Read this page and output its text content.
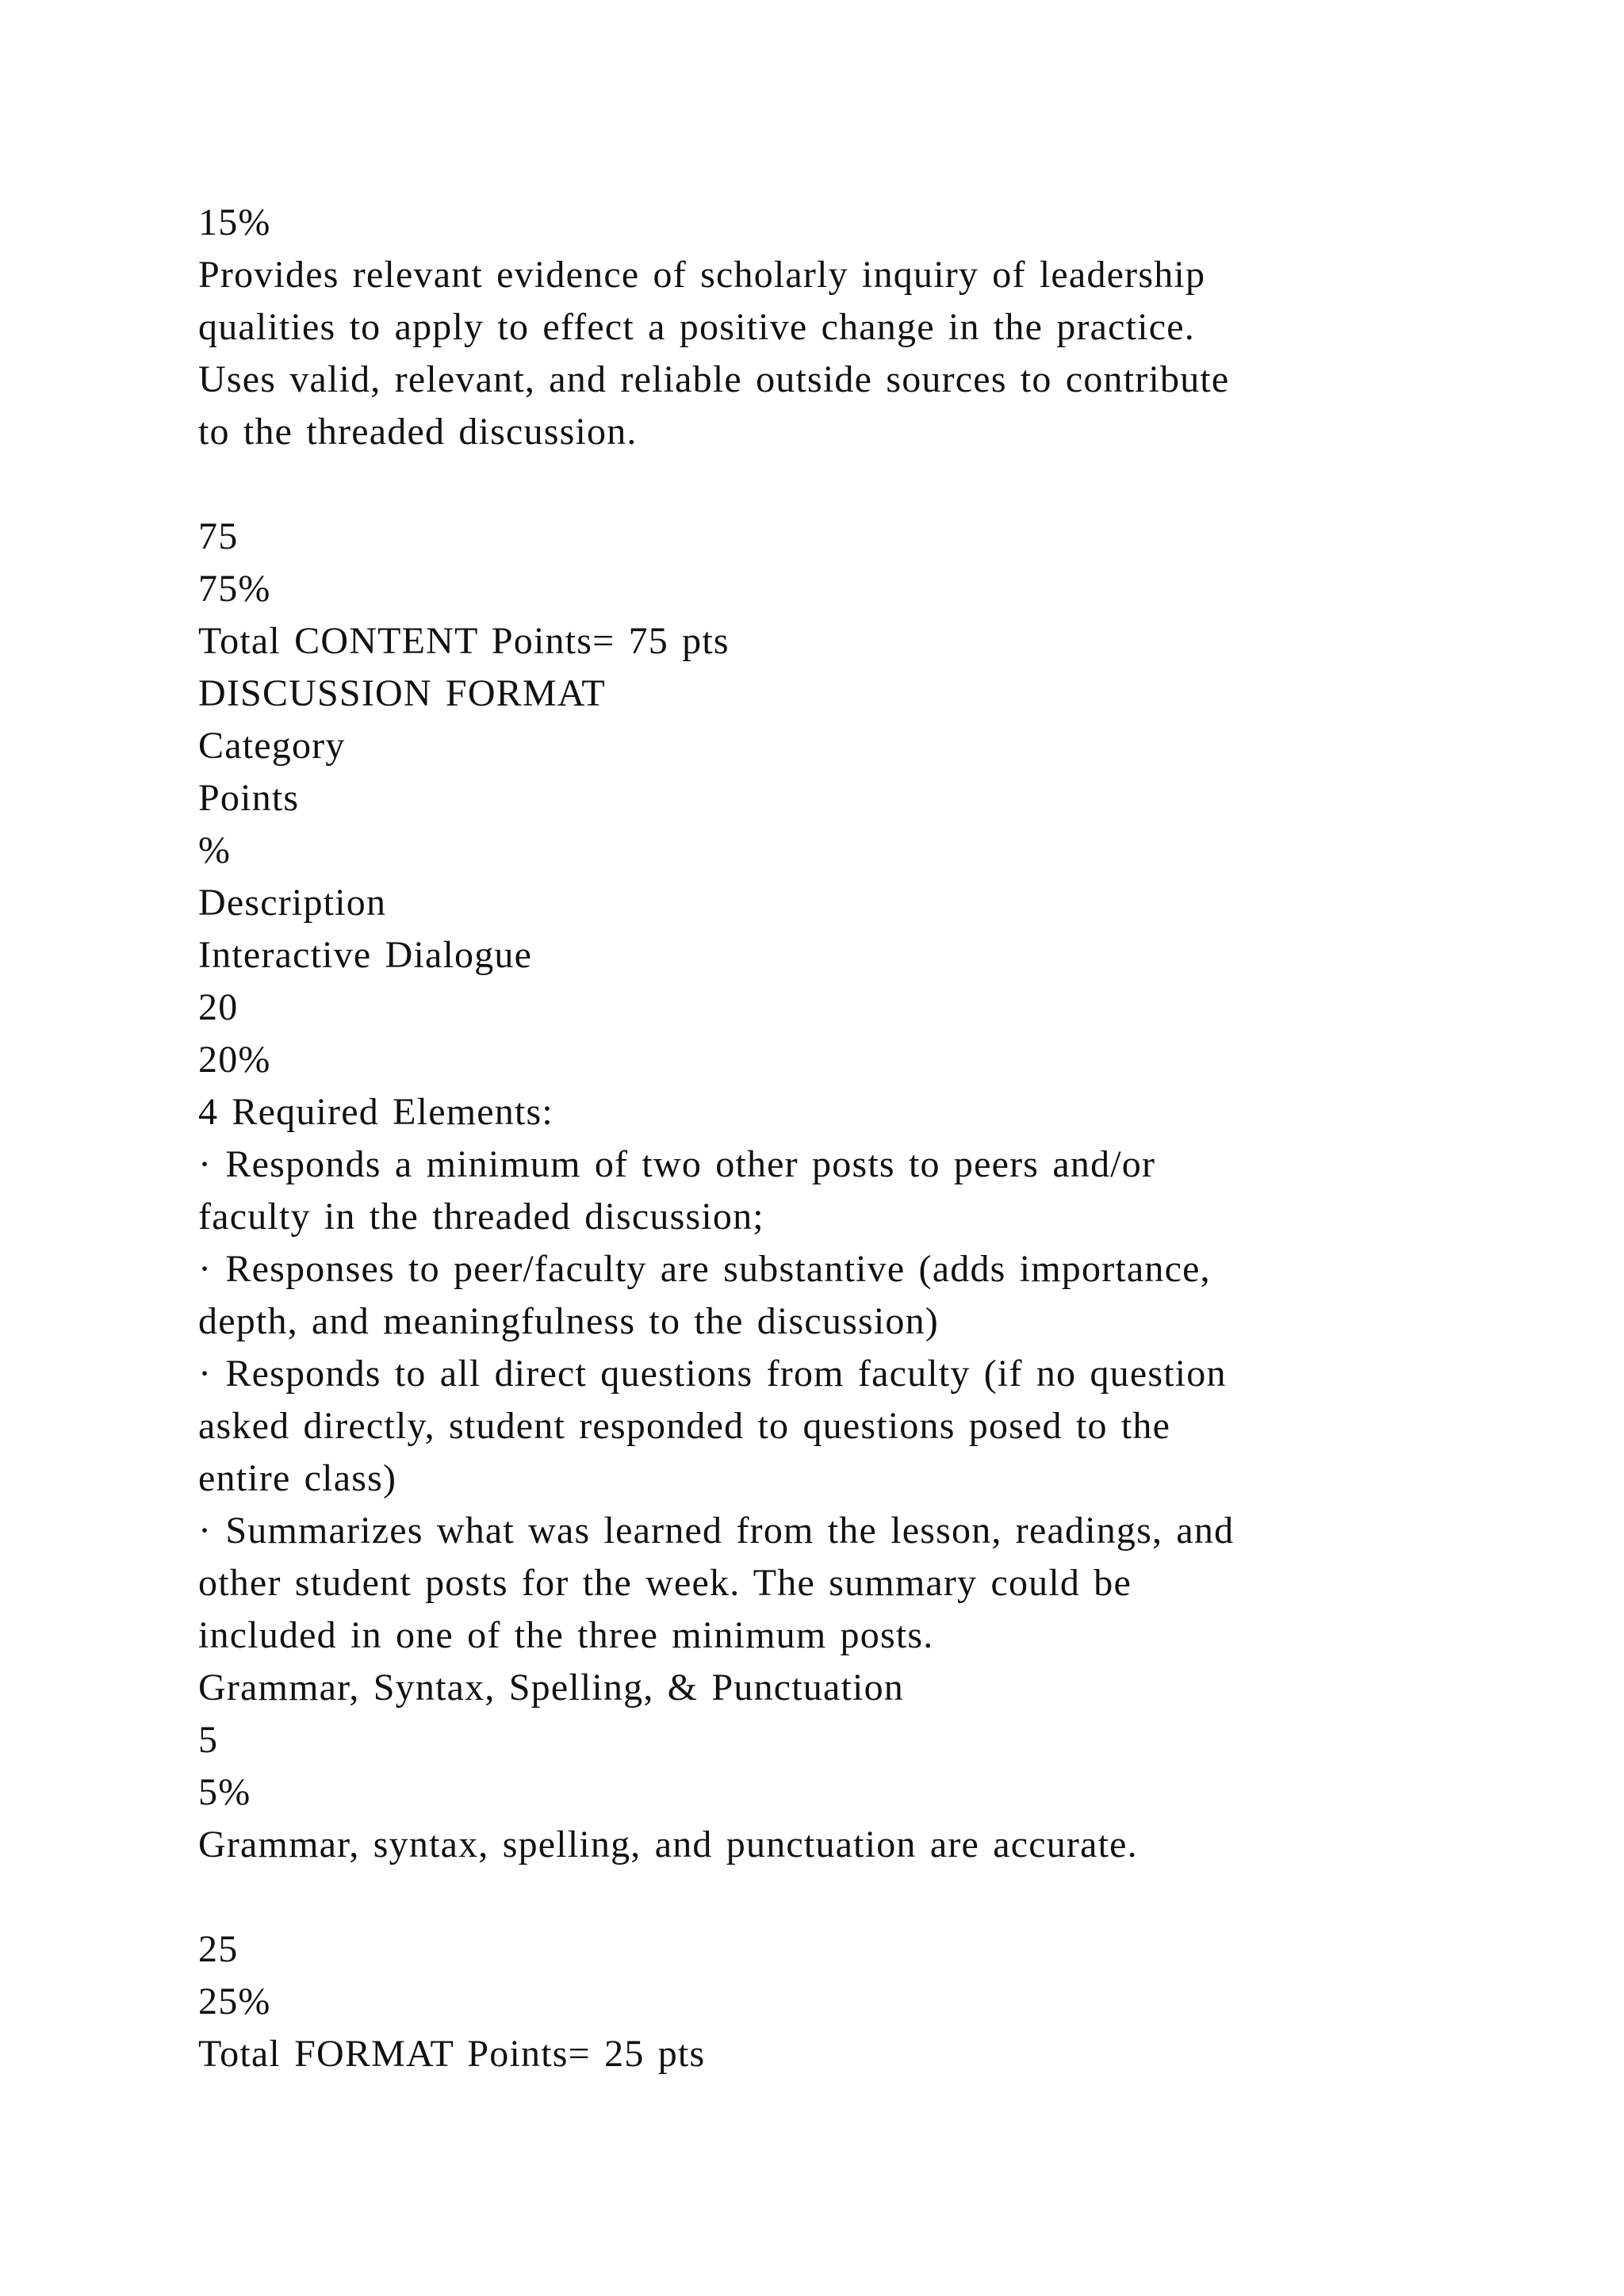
15%
Provides relevant evidence of scholarly inquiry of leadership
qualities to apply to effect a positive change in the practice.
Uses valid, relevant, and reliable outside sources to contribute
to the threaded discussion.
75
75%
Total CONTENT Points= 75 pts
DISCUSSION FORMAT
Category
Points
%
Description
Interactive Dialogue
20
20%
4 Required Elements:
· Responds a minimum of two other posts to peers and/or
faculty in the threaded discussion;
· Responses to peer/faculty are substantive (adds importance,
depth, and meaningfulness to the discussion)
· Responds to all direct questions from faculty (if no question
asked directly, student responded to questions posed to the
entire class)
· Summarizes what was learned from the lesson, readings, and
other student posts for the week. The summary could be
included in one of the three minimum posts.
Grammar, Syntax, Spelling, & Punctuation
5
5%
Grammar, syntax, spelling, and punctuation are accurate.
25
25%
Total FORMAT Points= 25 pts
